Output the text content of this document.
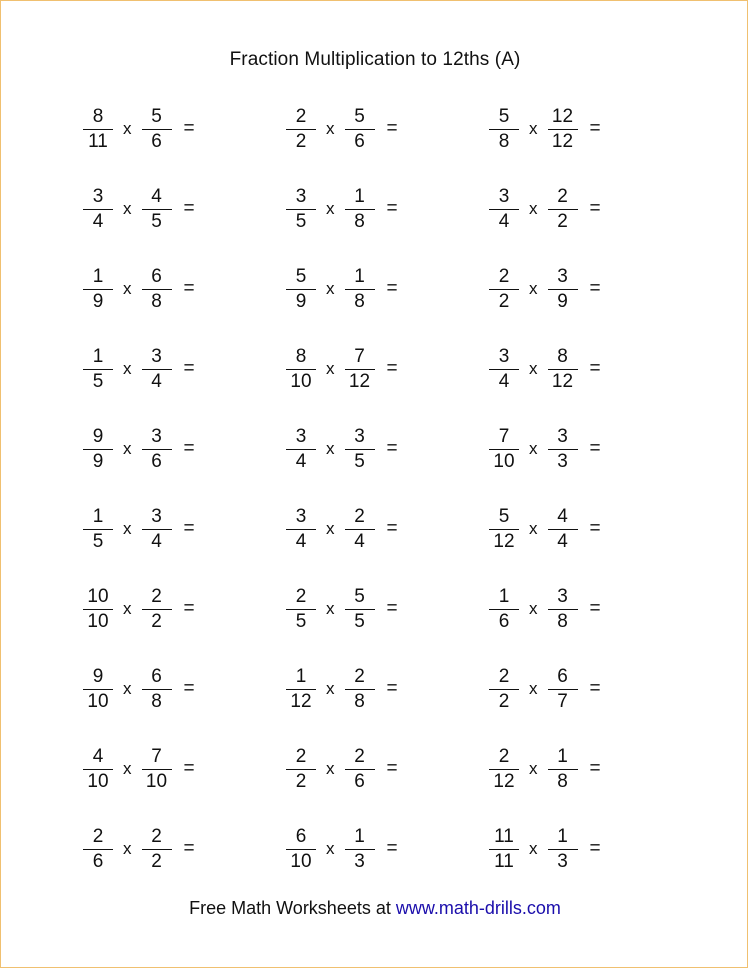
Fraction Multiplication to 12ths (A)
$\frac{8}{11}$ x $\frac{5}{6}$ =	$\frac{2}{2}$ x $\frac{5}{6}$ =	$\frac{5}{8}$ x $\frac{12}{12}$ =
$\frac{3}{4}$ x $\frac{4}{5}$ =	$\frac{3}{5}$ x $\frac{1}{8}$ =	$\frac{3}{4}$ x $\frac{2}{2}$ =
$\frac{1}{9}$ x $\frac{6}{8}$ =	$\frac{5}{9}$ x $\frac{1}{8}$ =	$\frac{2}{2}$ x $\frac{3}{9}$ =
$\frac{1}{5}$ x $\frac{3}{4}$ =	$\frac{8}{10}$ x $\frac{7}{12}$ =	$\frac{3}{4}$ x $\frac{8}{12}$ =
$\frac{9}{9}$ x $\frac{3}{6}$ =	$\frac{3}{4}$ x $\frac{3}{5}$ =	$\frac{7}{10}$ x $\frac{3}{3}$ =
$\frac{1}{5}$ x $\frac{3}{4}$ =	$\frac{3}{4}$ x $\frac{2}{4}$ =	$\frac{5}{12}$ x $\frac{4}{4}$ =
$\frac{10}{10}$ x $\frac{2}{2}$ =	$\frac{2}{5}$ x $\frac{5}{5}$ =	$\frac{1}{6}$ x $\frac{3}{8}$ =
$\frac{9}{10}$ x $\frac{6}{8}$ =	$\frac{1}{12}$ x $\frac{2}{8}$ =	$\frac{2}{2}$ x $\frac{6}{7}$ =
$\frac{4}{10}$ x $\frac{7}{10}$ =	$\frac{2}{2}$ x $\frac{2}{6}$ =	$\frac{2}{12}$ x $\frac{1}{8}$ =
$\frac{2}{6}$ x $\frac{2}{2}$ =	$\frac{6}{10}$ x $\frac{1}{3}$ =	$\frac{11}{11}$ x $\frac{1}{3}$ =
Free Math Worksheets at www.math-drills.com
